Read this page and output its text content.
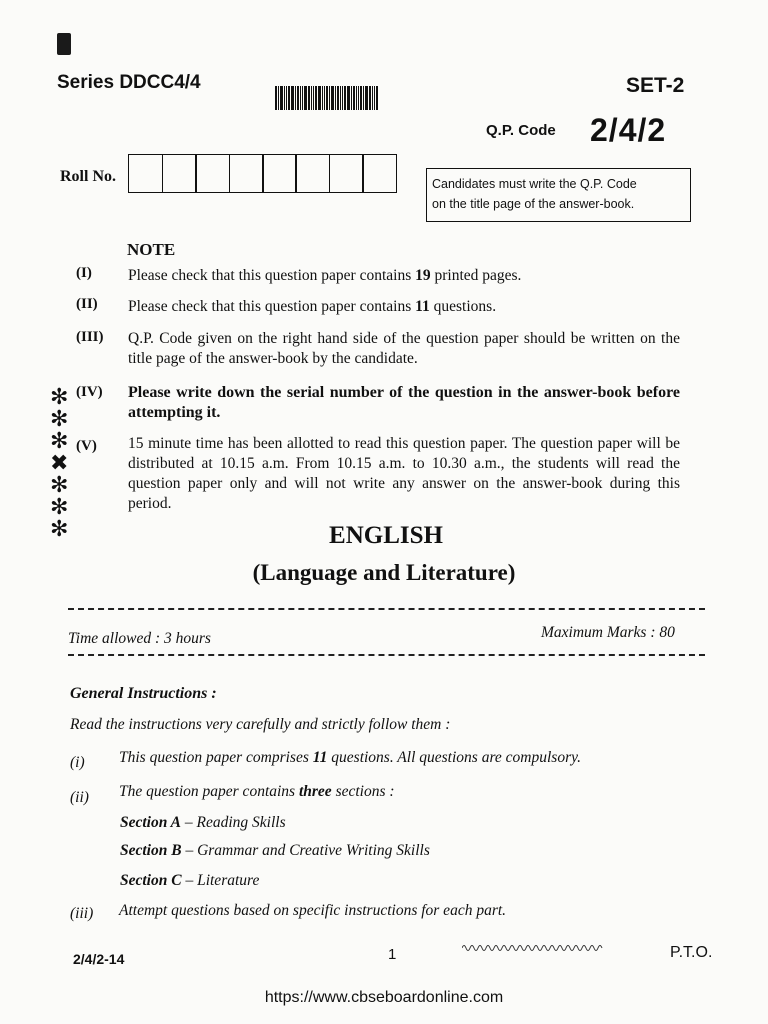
Series DDCC4/4	SET-2
Q.P. Code 2/4/2
Roll No.	Candidates must write the Q.P. Code
on the title page of the answer-book.
NOTE
(I) Please check that this question paper contains 19 printed pages.
(II) Please check that this question paper contains 11 questions.
(III) Q.P. Code given on the right hand side of the question paper should be written on the title page of the answer-book by the candidate.
(IV) Please write down the serial number of the question in the answer-book before attempting it.
(V) 15 minute time has been allotted to read this question paper. The question paper will be distributed at 10.15 a.m. From 10.15 a.m. to 10.30 a.m., the students will read the question paper only and will not write any answer on the answer-book during this period.
✻
✻
✻
✖
✻
✻
✻	ENGLISH
(Language and Literature)
Time allowed : 3 hours	Maximum Marks : 80
General Instructions :
Read the instructions very carefully and strictly follow them :
(i) This question paper comprises 11 questions. All questions are compulsory.
(ii) The question paper contains three sections :
Section A – Reading Skills
Section B – Grammar and Creative Writing Skills
Section C – Literature
(iii) Attempt questions based on specific instructions for each part.
2/4/2-14	1	P.T.O.
https://www.cbseboardonline.com
